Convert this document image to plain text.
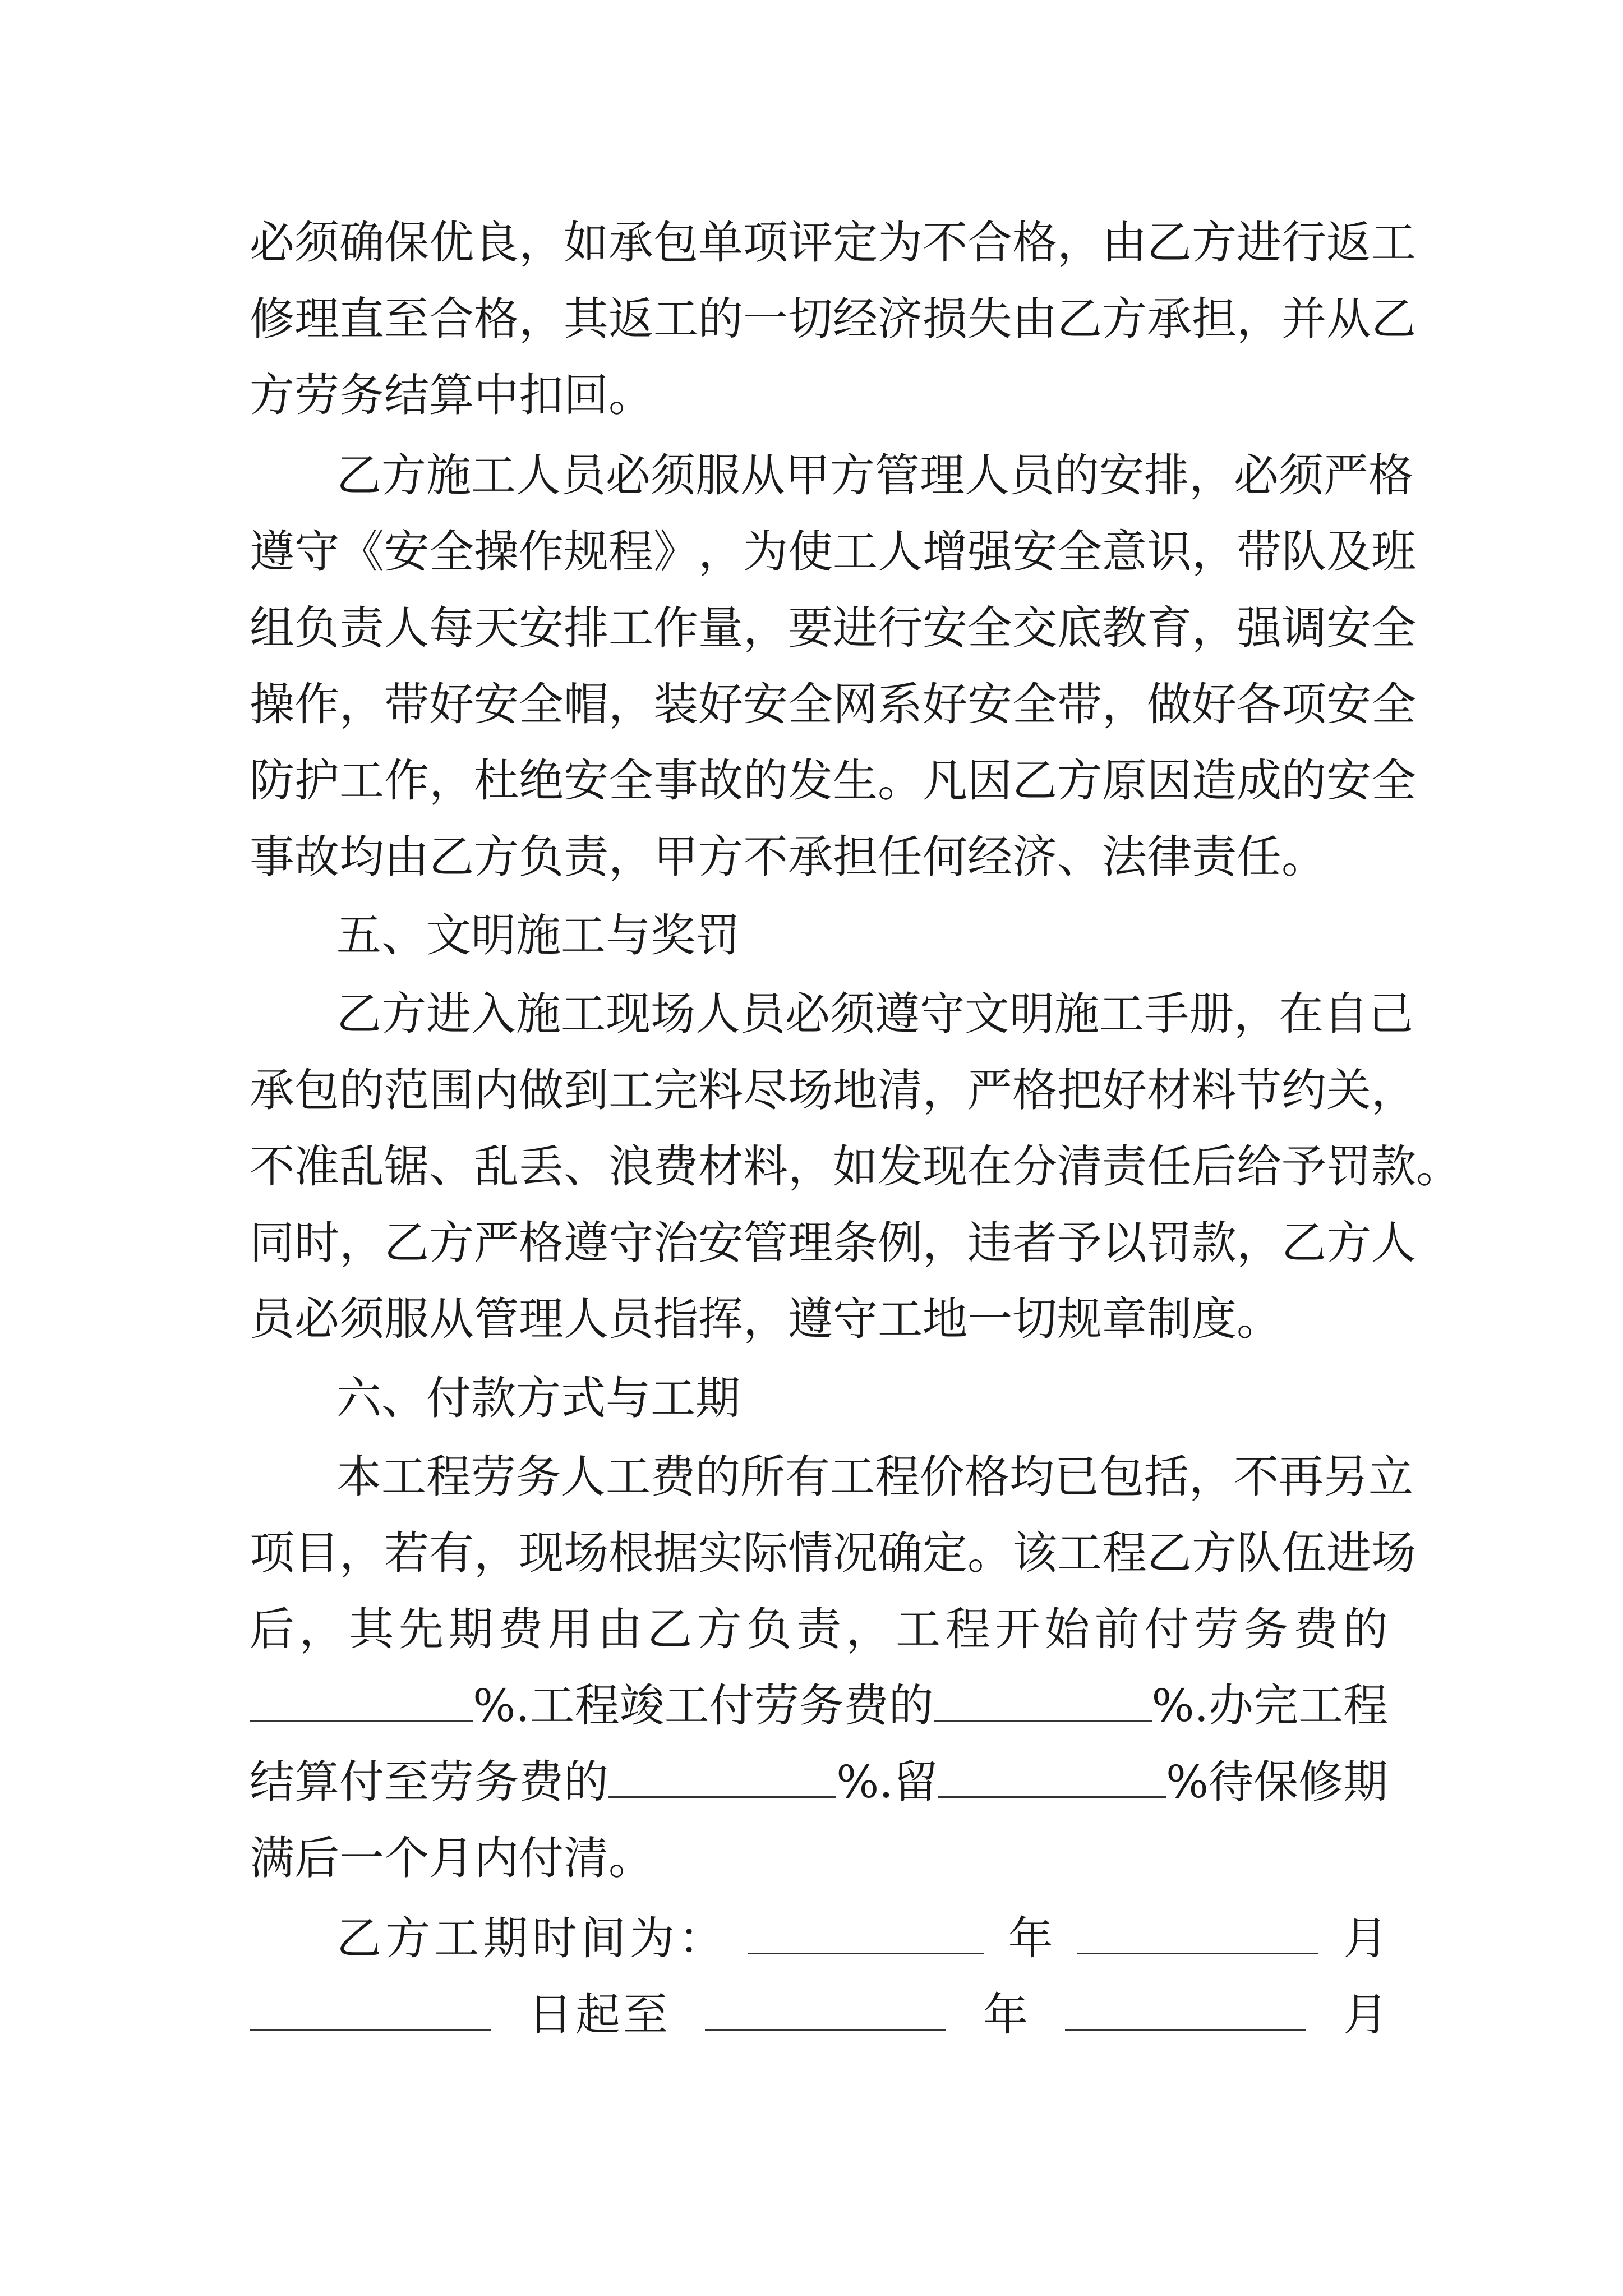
必 须 确 保 优 良 ， 如 承 包 单 项 评 定 为 不 合 格 ， 由 乙 方 进 行 返 工
修 理 直 至 合 格 ， 其 返 工 的 一 切 经 济 损 失 由 乙 方 承 担 ， 并 从 乙
方劳务结算中扣回。
乙 方 施 工 人 员 必 须 服 从 甲 方 管 理 人 员 的 安 排 ， 必 须 严 格
遵 守 《 安 全 操 作 规 程 》 ， 为 使 工 人 增 强 安 全 意 识 ， 带 队 及 班
组 负 责 人 每 天 安 排 工 作 量 ， 要 进 行 安 全 交 底 教 育 ， 强 调 安 全
操 作 ， 带 好 安 全 帽 ， 装 好 安 全 网 系 好 安 全 带 ， 做 好 各 项 安 全
防 护 工 作 ， 杜 绝 安 全 事 故 的 发 生 。 凡 因 乙 方 原 因 造 成 的 安 全
事故均由乙方负责，甲方不承担任何经济、法律责任。
五、文明施工与奖罚
乙 方 进 入 施 工 现 场 人 员 必 须 遵 守 文 明 施 工 手 册 ， 在 自 己
承 包 的 范 围 内 做 到 工 完 料 尽 场 地 清 ， 严 格 把 好 材 料 节 约 关 ，
不 准 乱 锯 、 乱 丢 、 浪 费 材 料 ， 如 发 现 在 分 清 责 任 后 给 予 罚 款 。
同 时 ， 乙 方 严 格 遵 守 治 安 管 理 条 例 ， 违 者 予 以 罚 款 ， 乙 方 人
员必须服从管理人员指挥，遵守工地一切规章制度。
六、付款方式与工期
本 工 程 劳 务 人 工 费 的 所 有 工 程 价 格 均 已 包 括 ， 不 再 另 立
项 目 ， 若 有 ， 现 场 根 据 实 际 情 况 确 定 。 该 工 程 乙 方 队 伍 进 场
后 ， 其 先 期 费 用 由 乙 方 负 责 ， 工 程 开 始 前 付 劳 务 费 的
%.工程竣工付劳务费的	%.办完工程
结算付至劳务费的	%.留	%待保修期
满后一个月内付清。
乙 方 工 期 时 间 为 ：	年	月
日 起 至	年	月
